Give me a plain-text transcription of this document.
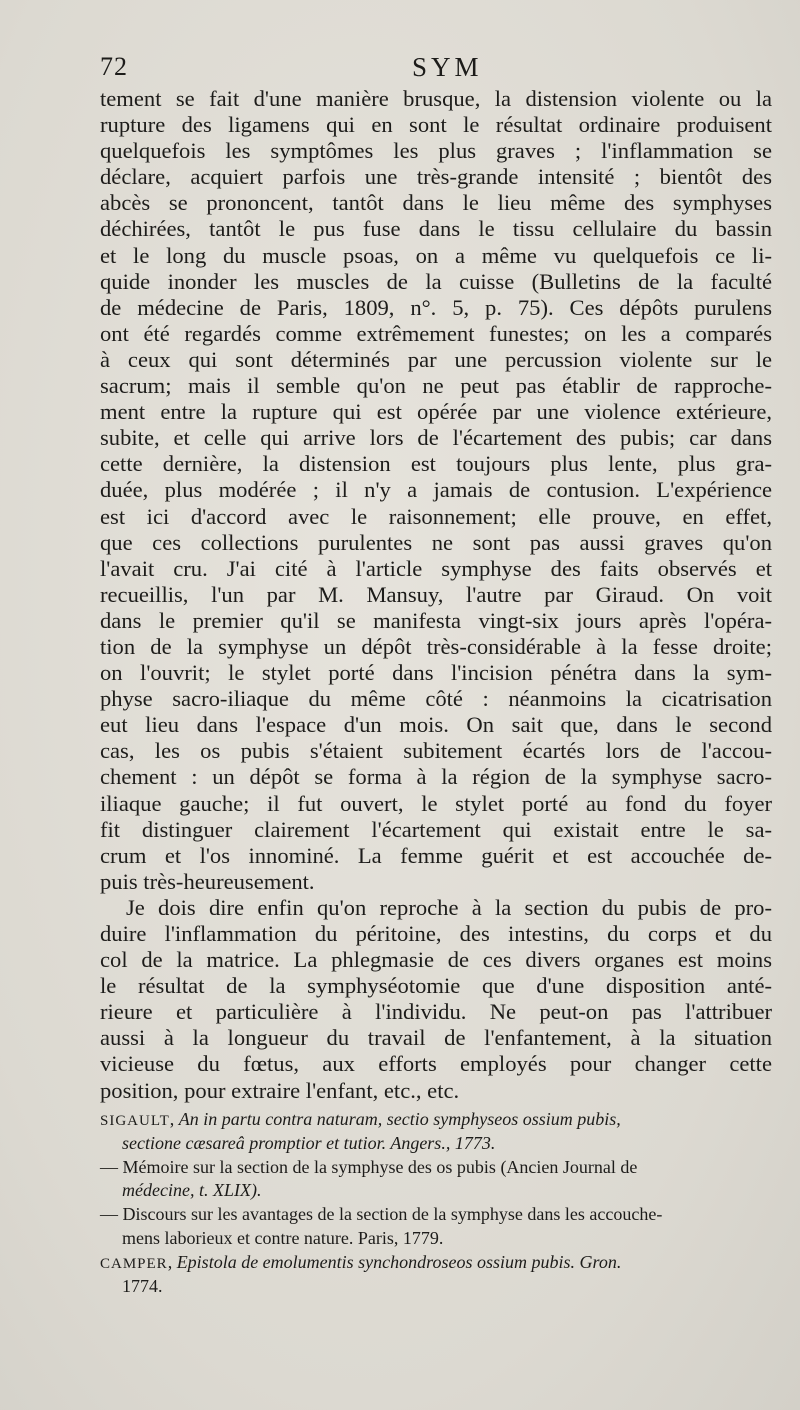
72	SYM
tement se fait d'une manière brusque, la distension violente ou la
rupture des ligamens qui en sont le résultat ordinaire produisent
quelquefois les symptômes les plus graves ; l'inflammation se
déclare, acquiert parfois une très-grande intensité ; bientôt des
abcès se prononcent, tantôt dans le lieu même des symphyses
déchirées, tantôt le pus fuse dans le tissu cellulaire du bassin
et le long du muscle psoas, on a même vu quelquefois ce li-
quide inonder les muscles de la cuisse (Bulletins de la faculté
de médecine de Paris, 1809, n°. 5, p. 75). Ces dépôts purulens
ont été regardés comme extrêmement funestes; on les a comparés
à ceux qui sont déterminés par une percussion violente sur le
sacrum; mais il semble qu'on ne peut pas établir de rapproche-
ment entre la rupture qui est opérée par une violence extérieure,
subite, et celle qui arrive lors de l'écartement des pubis; car dans
cette dernière, la distension est toujours plus lente, plus gra-
duée, plus modérée ; il n'y a jamais de contusion. L'expérience
est ici d'accord avec le raisonnement; elle prouve, en effet,
que ces collections purulentes ne sont pas aussi graves qu'on
l'avait cru. J'ai cité à l'article symphyse des faits observés et
recueillis, l'un par M. Mansuy, l'autre par Giraud. On voit
dans le premier qu'il se manifesta vingt-six jours après l'opéra-
tion de la symphyse un dépôt très-considérable à la fesse droite;
on l'ouvrit; le stylet porté dans l'incision pénétra dans la sym-
physe sacro-iliaque du même côté : néanmoins la cicatrisation
eut lieu dans l'espace d'un mois. On sait que, dans le second
cas, les os pubis s'étaient subitement écartés lors de l'accou-
chement : un dépôt se forma à la région de la symphyse sacro-
iliaque gauche; il fut ouvert, le stylet porté au fond du foyer
fit distinguer clairement l'écartement qui existait entre le sa-
crum et l'os innominé. La femme guérit et est accouchée de-
puis très-heureusement.
Je dois dire enfin qu'on reproche à la section du pubis de pro-
duire l'inflammation du péritoine, des intestins, du corps et du
col de la matrice. La phlegmasie de ces divers organes est moins
le résultat de la symphyséotomie que d'une disposition anté-
rieure et particulière à l'individu. Ne peut-on pas l'attribuer
aussi à la longueur du travail de l'enfantement, à la situation
vicieuse du fœtus, aux efforts employés pour changer cette
position, pour extraire l'enfant, etc., etc.
SIGAULT, An in partu contra naturam, sectio symphyseos ossium pubis,
sectione cæsareâ promptior et tutior. Angers., 1773.
— Mémoire sur la section de la symphyse des os pubis (Ancien Journal de
médecine, t. XLIX).
— Discours sur les avantages de la section de la symphyse dans les accouche-
mens laborieux et contre nature. Paris, 1779.
CAMPER, Epistola de emolumentis synchondroseos ossium pubis. Gron.
1774.
